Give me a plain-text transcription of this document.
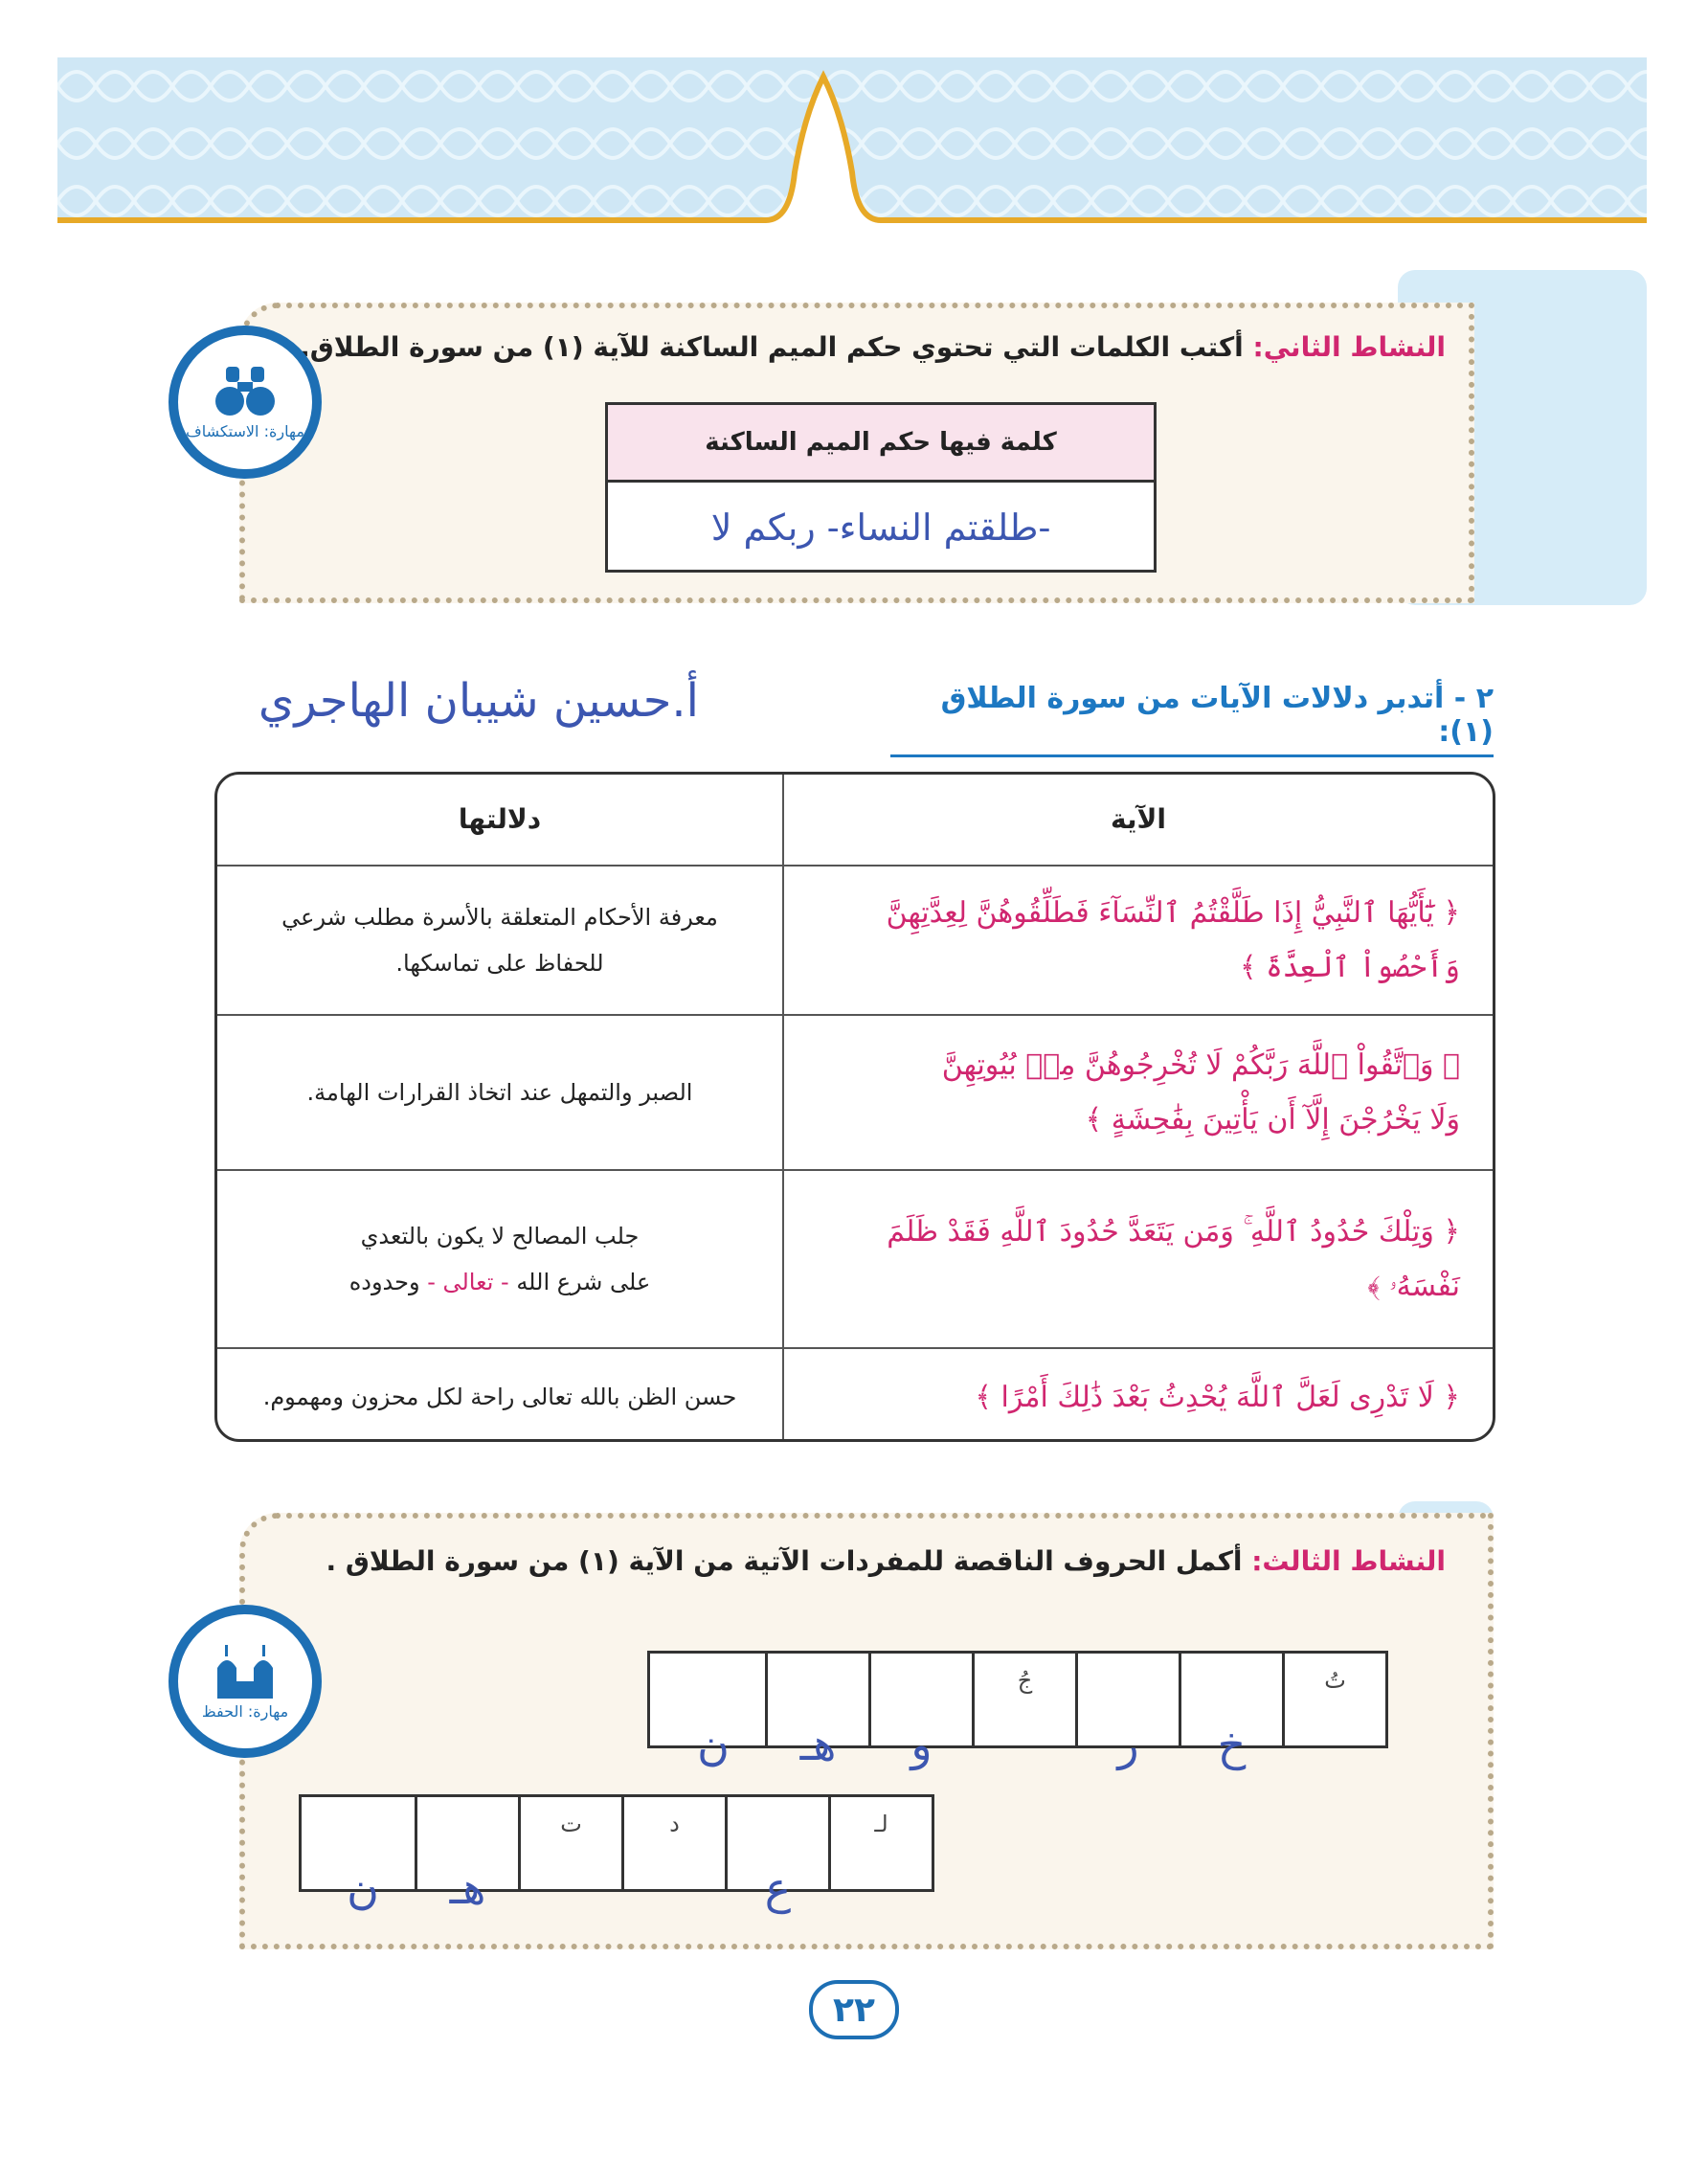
النشاط الثاني: أكتب الكلمات التي تحتوي حكم الميم الساكنة للآية (١) من سورة الطلاق.
مهارة: الاستكشاف	كلمة فيها حكم الميم الساكنة
-طلقتم النساء- ربكم لا
٢ - أتدبر دلالات الآيات من سورة الطلاق (١):
أ.حسين شيبان الهاجري
الآية
دلالتها
﴿ يَٰٓأَيُّهَا ٱلنَّبِيُّ إِذَا طَلَّقْتُمُ ٱلنِّسَآءَ فَطَلِّقُوهُنَّ لِعِدَّتِهِنَّ
وَأَحْصُواْ ٱلْعِدَّةَ ﴾
معرفة الأحكام المتعلقة بالأسرة مطلب شرعي
للحفاظ على تماسكها.
﴿ وَٱتَّقُواْ ٱللَّهَ رَبَّكُمْ لَا تُخْرِجُوهُنَّ مِنۢ بُيُوتِهِنَّ
وَلَا يَخْرُجْنَ إِلَّآ أَن يَأْتِينَ بِفَٰحِشَةٍ ﴾
الصبر والتمهل عند اتخاذ القرارات الهامة.
﴿ وَتِلْكَ حُدُودُ ٱللَّهِ ۚ وَمَن يَتَعَدَّ حُدُودَ ٱللَّهِ فَقَدْ ظَلَمَ
نَفْسَهُۥ ﴾
جلب المصالح لا يكون بالتعدي
على شرع الله - تعالى - وحدوده
﴿ لَا تَدْرِى لَعَلَّ ٱللَّهَ يُحْدِثُ بَعْدَ ذَٰلِكَ أَمْرًا ﴾
حسن الظن بالله تعالى راحة لكل محزون ومهموم.
النشاط الثالث: أكمل الحروف الناقصة للمفردات الآتية من الآية (١) من سورة الطلاق .
مهارة: الحفظ
تُ
خ
ر
جُ
و
هـ
ن
لـ
ع
د
ت
هـ
ن
٢٢
